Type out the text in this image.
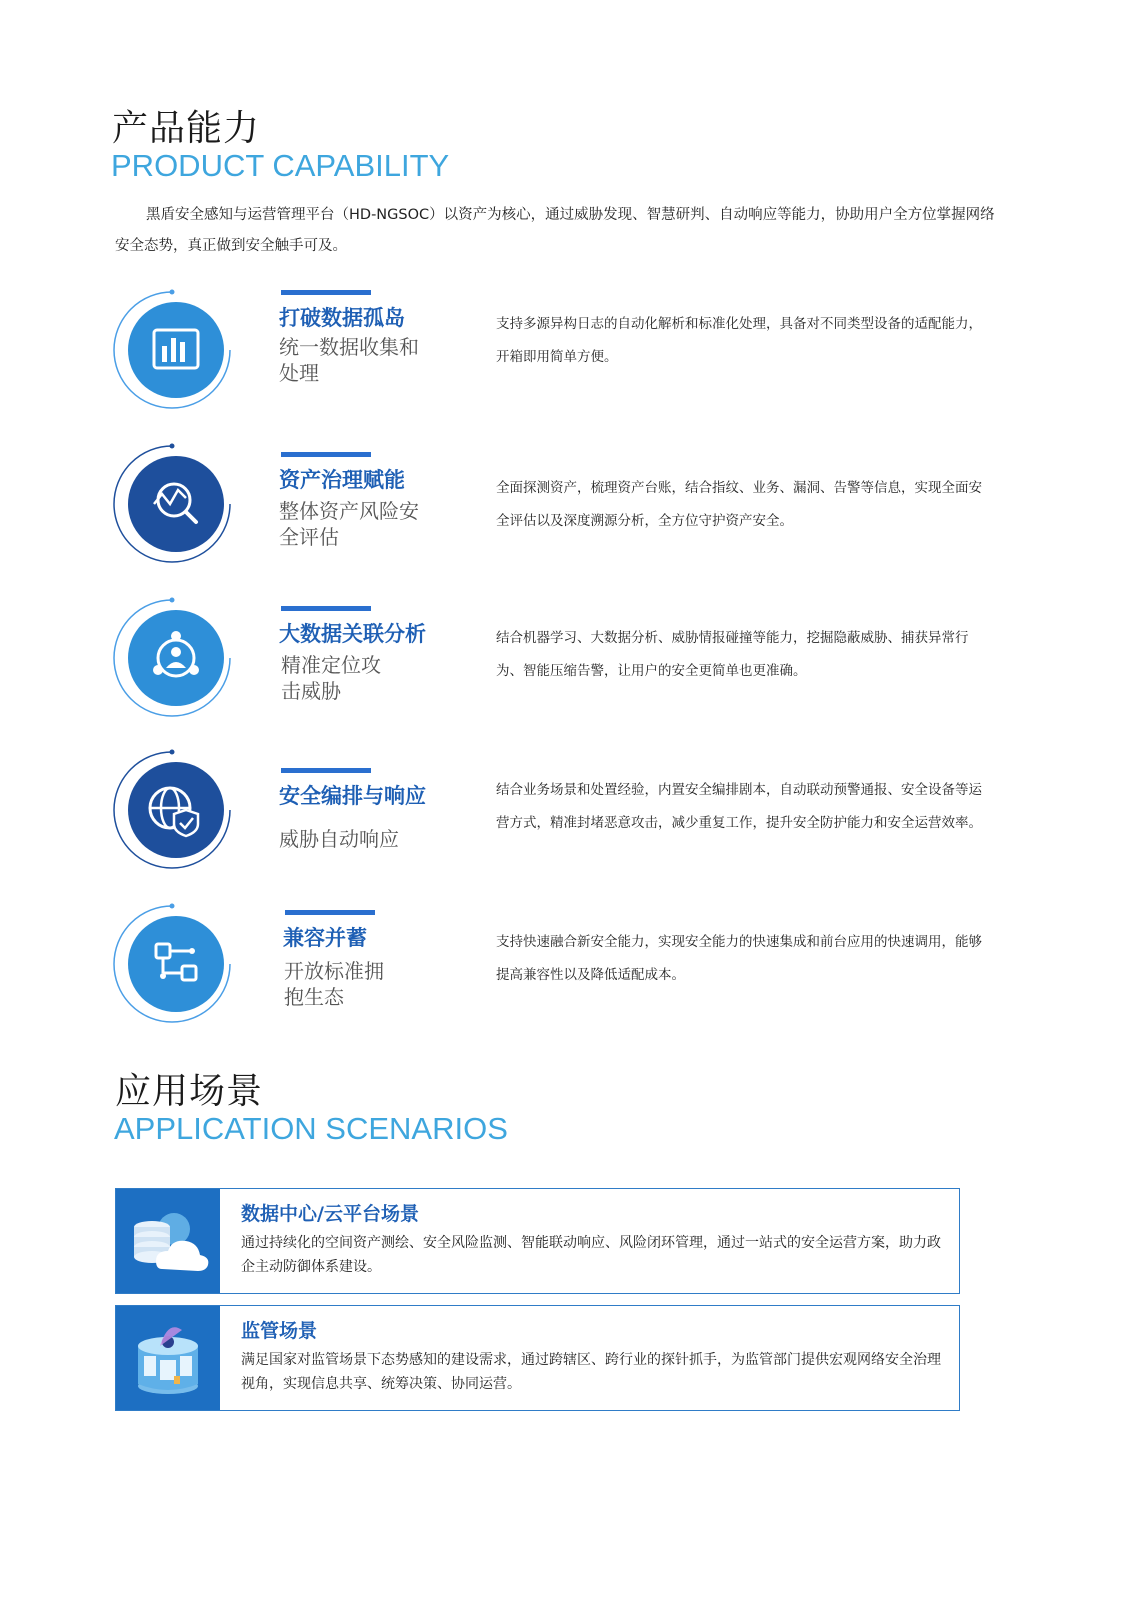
产品能力
PRODUCT CAPABILITY
黑盾安全感知与运营管理平台（HD-NGSOC）以资产为核心，通过威胁发现、智慧研判、自动响应等能力，协助用户全方位掌握网络安全态势，真正做到安全触手可及。
打破数据孤岛
统一数据收集和处理
支持多源异构日志的自动化解析和标准化处理，具备对不同类型设备的适配能力，开箱即用简单方便。
资产治理赋能
整体资产风险安全评估
全面探测资产，梳理资产台账，结合指纹、业务、漏洞、告警等信息，实现全面安全评估以及深度溯源分析，全方位守护资产安全。
大数据关联分析
精准定位攻击威胁
结合机器学习、大数据分析、威胁情报碰撞等能力，挖掘隐蔽威胁、捕获异常行为、智能压缩告警，让用户的安全更简单也更准确。
安全编排与响应
威胁自动响应
结合业务场景和处置经验，内置安全编排剧本，自动联动预警通报、安全设备等运营方式，精准封堵恶意攻击，减少重复工作，提升安全防护能力和安全运营效率。
兼容并蓄
开放标准拥抱生态
支持快速融合新安全能力，实现安全能力的快速集成和前台应用的快速调用，能够提高兼容性以及降低适配成本。
应用场景
APPLICATION SCENARIOS
数据中心/云平台场景
通过持续化的空间资产测绘、安全风险监测、智能联动响应、风险闭环管理，通过一站式的安全运营方案，助力政企主动防御体系建设。
监管场景
满足国家对监管场景下态势感知的建设需求，通过跨辖区、跨行业的探针抓手，为监管部门提供宏观网络安全治理视角，实现信息共享、统筹决策、协同运营。
